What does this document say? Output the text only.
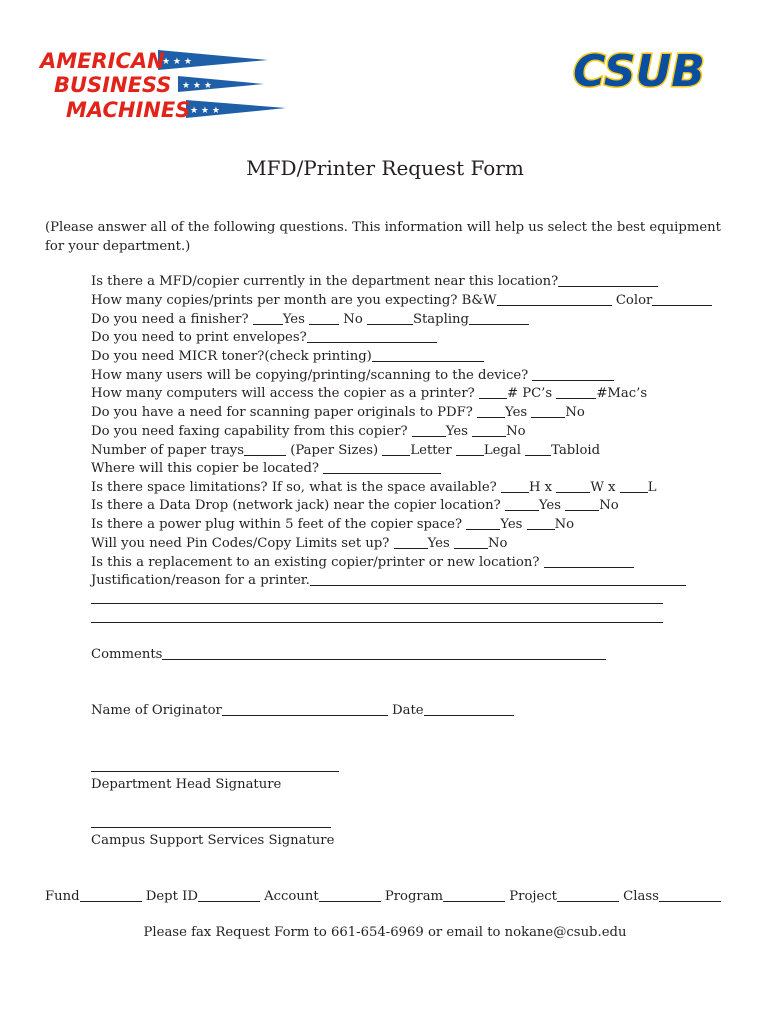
★ ★ ★
★ ★ ★
★ ★ ★
AMERICAN
BUSINESS
MACHINES
CSUB
MFD/Printer Request Form
(Please answer all of the following questions. This information will help us select the best equipment for your department.)
Is there a MFD/copier currently in the department near this location?
How many copies/prints per month are you expecting? B&W	Color
Do you need a finisher?	Yes	No	Stapling
Do you need to print envelopes?
Do you need MICR toner?(check printing)
How many users will be copying/printing/scanning to the device?
How many computers will access the copier as a printer? # PC’s	#Mac’s
Do you have a need for scanning paper originals to PDF? Yes	No
Do you need faxing capability from this copier?	Yes	No
Number of paper trays	(Paper Sizes) Letter Legal Tabloid
Where will this copier be located?
Is there space limitations? If so, what is the space available? H x	W x L
Is there a Data Drop (network jack) near the copier location?	Yes	No
Is there a power plug within 5 feet of the copier space?	Yes No
Will you need Pin Codes/Copy Limits set up?	Yes	No
Is this a replacement to an existing copier/printer or new location?
Justification/reason for a printer.
Comments
Name of Originator	Date
Department Head Signature
Campus Support Services Signature
Fund	Dept ID	Account	Program	Project	Class
Please fax Request Form to 661-654-6969 or email to nokane@csub.edu
